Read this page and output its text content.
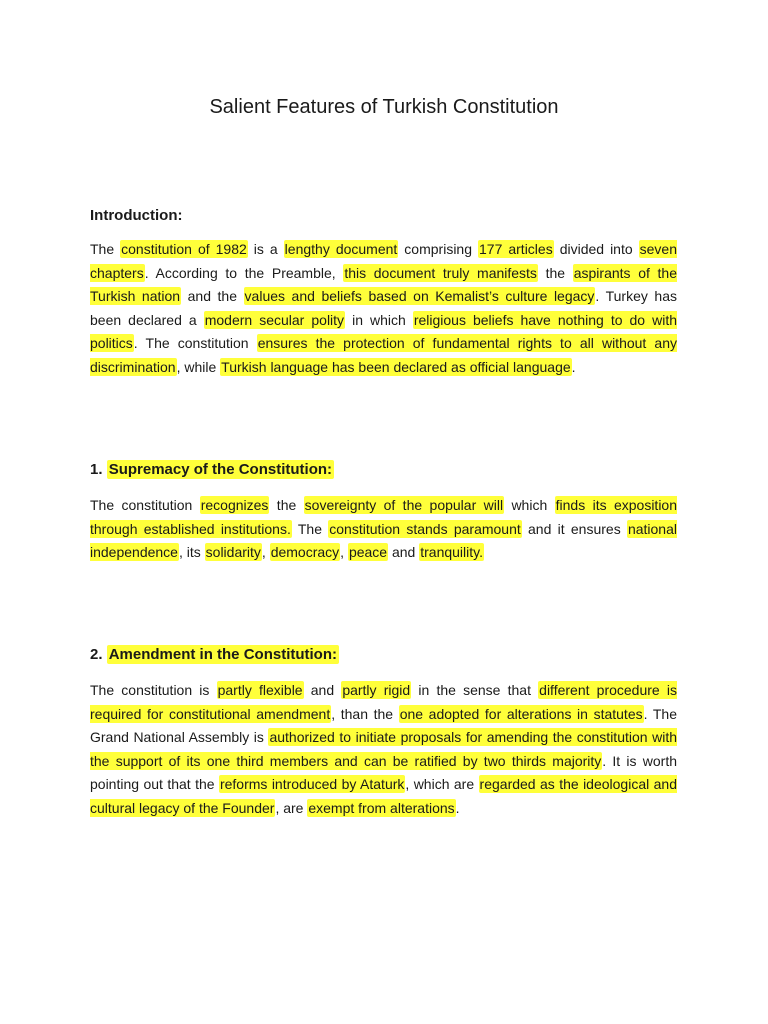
Salient Features of Turkish Constitution
Introduction:

The constitution of 1982 is a lengthy document comprising 177 articles divided into seven chapters. According to the Preamble, this document truly manifests the aspirants of the Turkish nation and the values and beliefs based on Kemalist’s culture legacy. Turkey has been declared a modern secular polity in which religious beliefs have nothing to do with politics. The constitution ensures the protection of fundamental rights to all without any discrimination, while Turkish language has been declared as official language.

1. Supremacy of the Constitution:

The constitution recognizes the sovereignty of the popular will which finds its exposition through established institutions. The constitution stands paramount and it ensures national independence, its solidarity, democracy, peace and tranquility.

2. Amendment in the Constitution:

The constitution is partly flexible and partly rigid in the sense that different procedure is required for constitutional amendment, than the one adopted for alterations in statutes. The Grand National Assembly is authorized to initiate proposals for amending the constitution with the support of its one third members and can be ratified by two thirds majority. It is worth pointing out that the reforms introduced by Ataturk, which are regarded as the ideological and cultural legacy of the Founder, are exempt from alterations.
